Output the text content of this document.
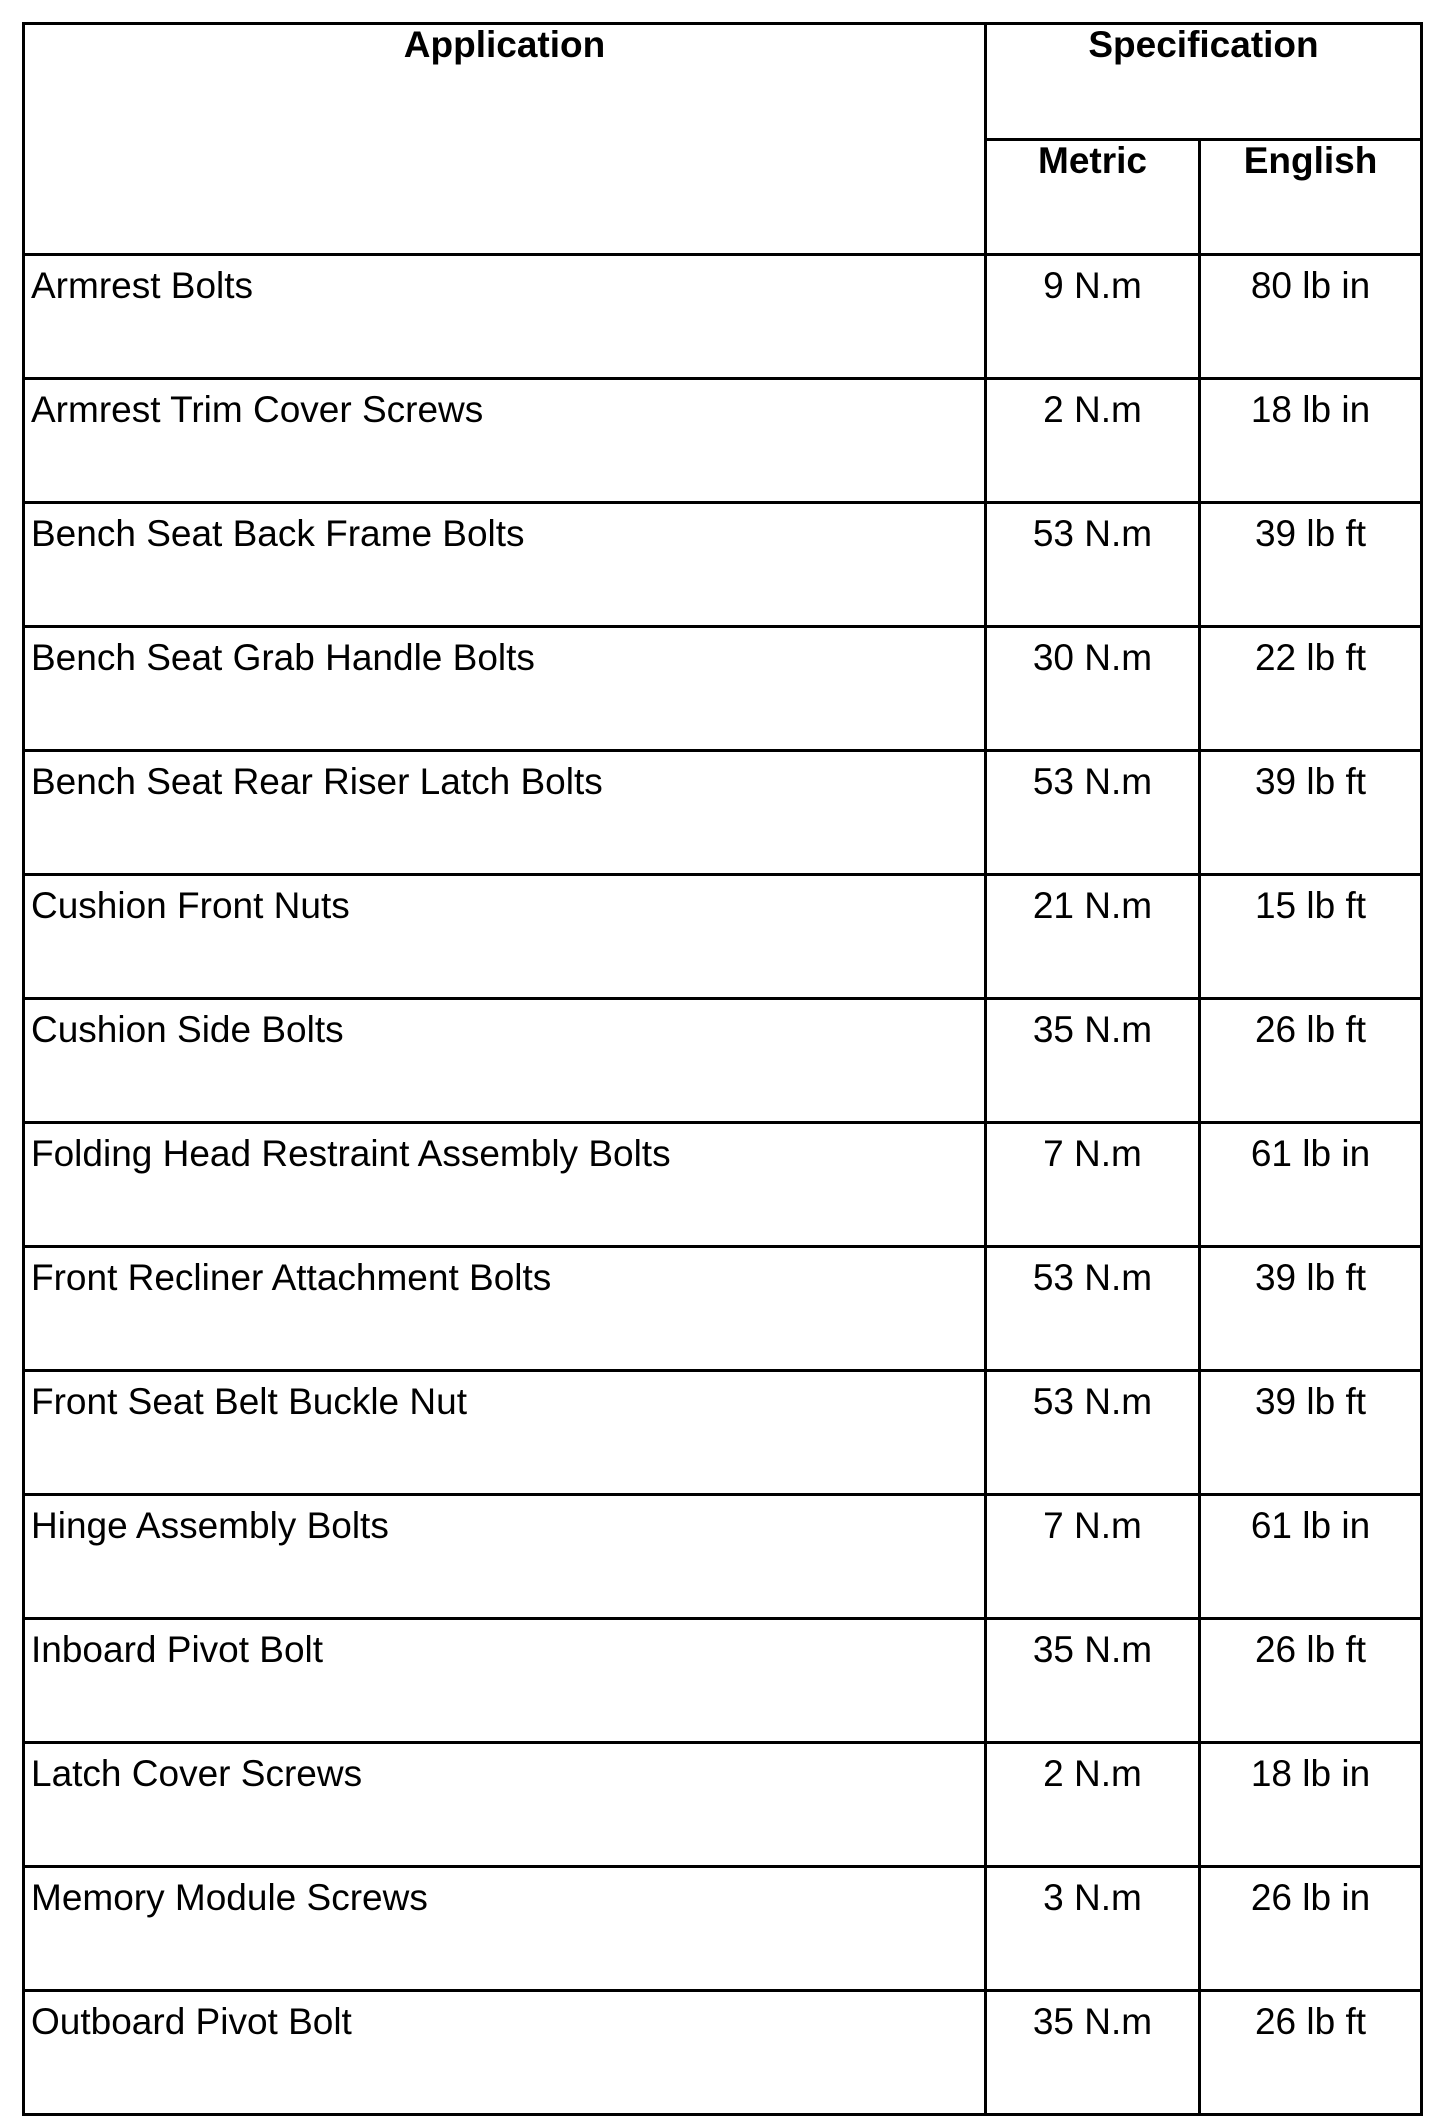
Application	Specification	
	Metric	English
Armrest Bolts	9 N.m	80 lb in
Armrest Trim Cover Screws	2 N.m	18 lb in
Bench Seat Back Frame Bolts	53 N.m	39 lb ft
Bench Seat Grab Handle Bolts	30 N.m	22 lb ft
Bench Seat Rear Riser Latch Bolts	53 N.m	39 lb ft
Cushion Front Nuts	21 N.m	15 lb ft
Cushion Side Bolts	35 N.m	26 lb ft
Folding Head Restraint Assembly Bolts	7 N.m	61 lb in
Front Recliner Attachment Bolts	53 N.m	39 lb ft
Front Seat Belt Buckle Nut	53 N.m	39 lb ft
Hinge Assembly Bolts	7 N.m	61 lb in
Inboard Pivot Bolt	35 N.m	26 lb ft
Latch Cover Screws	2 N.m	18 lb in
Memory Module Screws	3 N.m	26 lb in
Outboard Pivot Bolt	35 N.m	26 lb ft
